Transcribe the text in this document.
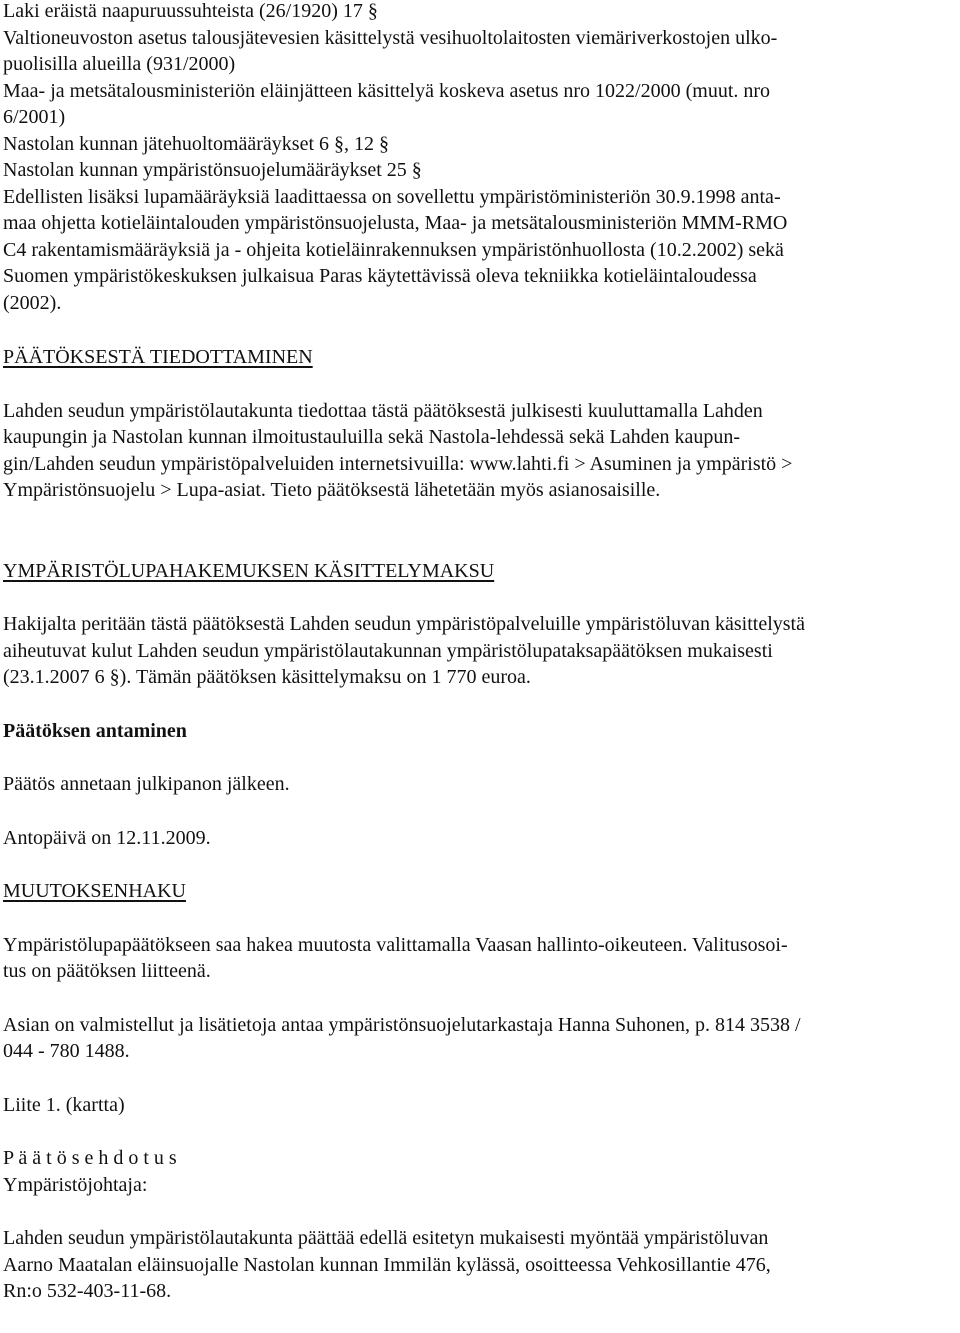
Laki eräistä naapuruussuhteista (26/1920) 17 §
Valtioneuvoston asetus talousjätevesien käsittelystä vesihuoltolaitosten viemäriverkostojen ulko-
puolisilla alueilla (931/2000)
Maa- ja metsätalousministeriön eläinjätteen käsittelyä koskeva asetus nro 1022/2000 (muut. nro
6/2001)
Nastolan kunnan jätehuoltomääräykset 6 §, 12 §
Nastolan kunnan ympäristönsuojelumääräykset 25 §
Edellisten lisäksi lupamääräyksiä laadittaessa on sovellettu ympäristöministeriön 30.9.1998 anta-
maa ohjetta kotieläintalouden ympäristönsuojelusta, Maa- ja metsätalousministeriön MMM-RMO
C4 rakentamismääräyksiä ja - ohjeita kotieläinrakennuksen ympäristönhuollosta (10.2.2002) sekä
Suomen ympäristökeskuksen julkaisua Paras käytettävissä oleva tekniikka kotieläintaloudessa
(2002).
PÄÄTÖKSESTÄ TIEDOTTAMINEN
Lahden seudun ympäristölautakunta tiedottaa tästä päätöksestä julkisesti kuuluttamalla Lahden
kaupungin ja Nastolan kunnan ilmoitustauluilla sekä Nastola-lehdessä sekä Lahden kaupun-
gin/Lahden seudun ympäristöpalveluiden internetsivuilla: www.lahti.fi > Asuminen ja ympäristö >
Ympäristönsuojelu > Lupa-asiat. Tieto päätöksestä lähetetään myös asianosaisille.
YMPÄRISTÖLUPAHAKEMUKSEN KÄSITTELYMAKSU
Hakijalta peritään tästä päätöksestä Lahden seudun ympäristöpalveluille ympäristöluvan käsittelystä
aiheutuvat kulut Lahden seudun ympäristölautakunnan ympäristölupataksapäätöksen mukaisesti
(23.1.2007 6 §). Tämän päätöksen käsittelymaksu on 1 770 euroa.
Päätöksen antaminen
Päätös annetaan julkipanon jälkeen.
Antopäivä on 12.11.2009.
MUUTOKSENHAKU
Ympäristölupapäätökseen saa hakea muutosta valittamalla Vaasan hallinto-oikeuteen. Valitusosoi-
tus on päätöksen liitteenä.
Asian on valmistellut ja lisätietoja antaa ympäristönsuojelutarkastaja Hanna Suhonen, p. 814 3538 /
044 - 780 1488.
Liite 1. (kartta)
P ä ä t ö s e h d o t u s
Ympäristöjohtaja:
Lahden seudun ympäristölautakunta päättää edellä esitetyn mukaisesti myöntää ympäristöluvan
Aarno Maatalan eläinsuojalle Nastolan kunnan Immilän kylässä, osoitteessa Vehkosillantie 476,
Rn:o 532-403-11-68.
